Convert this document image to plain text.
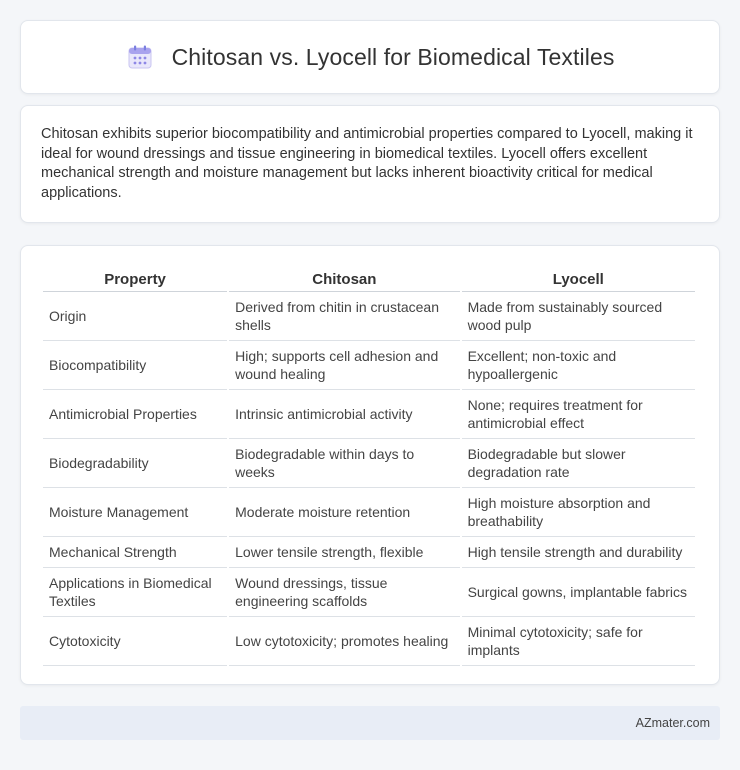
Chitosan vs. Lyocell for Biomedical Textiles

Chitosan exhibits superior biocompatibility and antimicrobial properties compared to Lyocell, making it ideal for wound dressings and tissue engineering in biomedical textiles. Lyocell offers excellent mechanical strength and moisture management but lacks inherent bioactivity critical for medical applications.

Property	Chitosan	Lyocell
Origin	Derived from chitin in crustacean shells	Made from sustainably sourced wood pulp
Biocompatibility	High; supports cell adhesion and wound healing	Excellent; non-toxic and hypoallergenic
Antimicrobial Properties	Intrinsic antimicrobial activity	None; requires treatment for antimicrobial effect
Biodegradability	Biodegradable within days to weeks	Biodegradable but slower degradation rate
Moisture Management	Moderate moisture retention	High moisture absorption and breathability
Mechanical Strength	Lower tensile strength, flexible	High tensile strength and durability
Applications in Biomedical Textiles	Wound dressings, tissue engineering scaffolds	Surgical gowns, implantable fabrics
Cytotoxicity	Low cytotoxicity; promotes healing	Minimal cytotoxicity; safe for implants
AZmater.com
